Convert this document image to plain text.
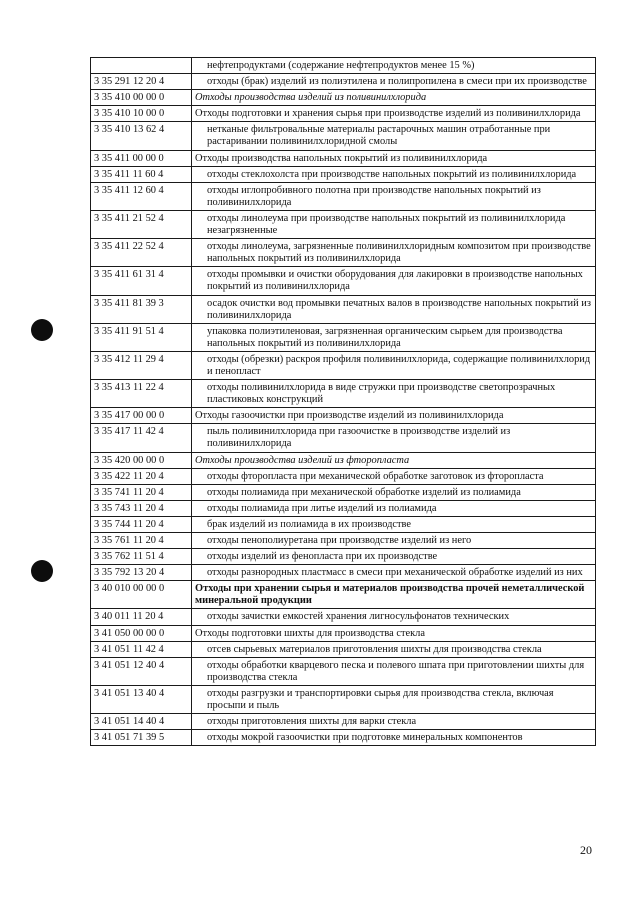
	нефтепродуктами (содержание нефтепродуктов менее 15 %)
3 35 291 12 20 4	отходы (брак) изделий из полиэтилена и полипропилена в смеси при их производстве
3 35 410 00 00 0	Отходы производства изделий из поливинилхлорида
3 35 410 10 00 0	Отходы подготовки и хранения сырья при производстве изделий из поливинилхлорида
3 35 410 13 62 4	нетканые фильтровальные материалы растарочных машин отработанные при растаривании поливинилхлоридной смолы
3 35 411 00 00 0	Отходы производства напольных покрытий из поливинилхлорида
3 35 411 11 60 4	отходы стеклохолста при производстве напольных покрытий из поливинилхлорида
3 35 411 12 60 4	отходы иглопробивного полотна при производстве напольных покрытий из поливинилхлорида
3 35 411 21 52 4	отходы линолеума при производстве напольных покрытий из поливинилхлорида незагрязненные
3 35 411 22 52 4	отходы линолеума, загрязненные поливинилхлоридным композитом при производстве напольных покрытий из поливинилхлорида
3 35 411 61 31 4	отходы промывки и очистки оборудования для лакировки в производстве напольных покрытий из поливинилхлорида
3 35 411 81 39 3	осадок очистки вод промывки печатных валов в производстве напольных покрытий из поливинилхлорида
3 35 411 91 51 4	упаковка полиэтиленовая, загрязненная органическим сырьем для производства напольных покрытий из поливинилхлорида
3 35 412 11 29 4	отходы (обрезки) раскроя профиля поливинилхлорида, содержащие поливинилхлорид и пенопласт
3 35 413 11 22 4	отходы поливинилхлорида в виде стружки при производстве светопрозрачных пластиковых конструкций
3 35 417 00 00 0	Отходы газоочистки при производстве изделий из поливинилхлорида
3 35 417 11 42 4	пыль поливинилхлорида при газоочистке в производстве изделий из поливинилхлорида
3 35 420 00 00 0	Отходы производства изделий из фторопласта
3 35 422 11 20 4	отходы фторопласта при механической обработке заготовок из фторопласта
3 35 741 11 20 4	отходы полиамида при механической обработке изделий из полиамида
3 35 743 11 20 4	отходы полиамида при литье изделий из полиамида
3 35 744 11 20 4	брак изделий из полиамида в их производстве
3 35 761 11 20 4	отходы пенополиуретана при производстве изделий из него
3 35 762 11 51 4	отходы изделий из фенопласта при их производстве
3 35 792 13 20 4	отходы разнородных пластмасс в смеси при механической обработке изделий из них
3 40 010 00 00 0	Отходы при хранении сырья и материалов производства прочей неметаллической минеральной продукции
3 40 011 11 20 4	отходы зачистки емкостей хранения лигносульфонатов технических
3 41 050 00 00 0	Отходы подготовки шихты для производства стекла
3 41 051 11 42 4	отсев сырьевых материалов приготовления шихты для производства стекла
3 41 051 12 40 4	отходы обработки кварцевого песка и полевого шпата при приготовлении шихты для производства стекла
3 41 051 13 40 4	отходы разгрузки и транспортировки сырья для производства стекла, включая просыпи и пыль
3 41 051 14 40 4	отходы приготовления шихты для варки стекла
3 41 051 71 39 5	отходы мокрой газоочистки при подготовке минеральных компонентов
20
